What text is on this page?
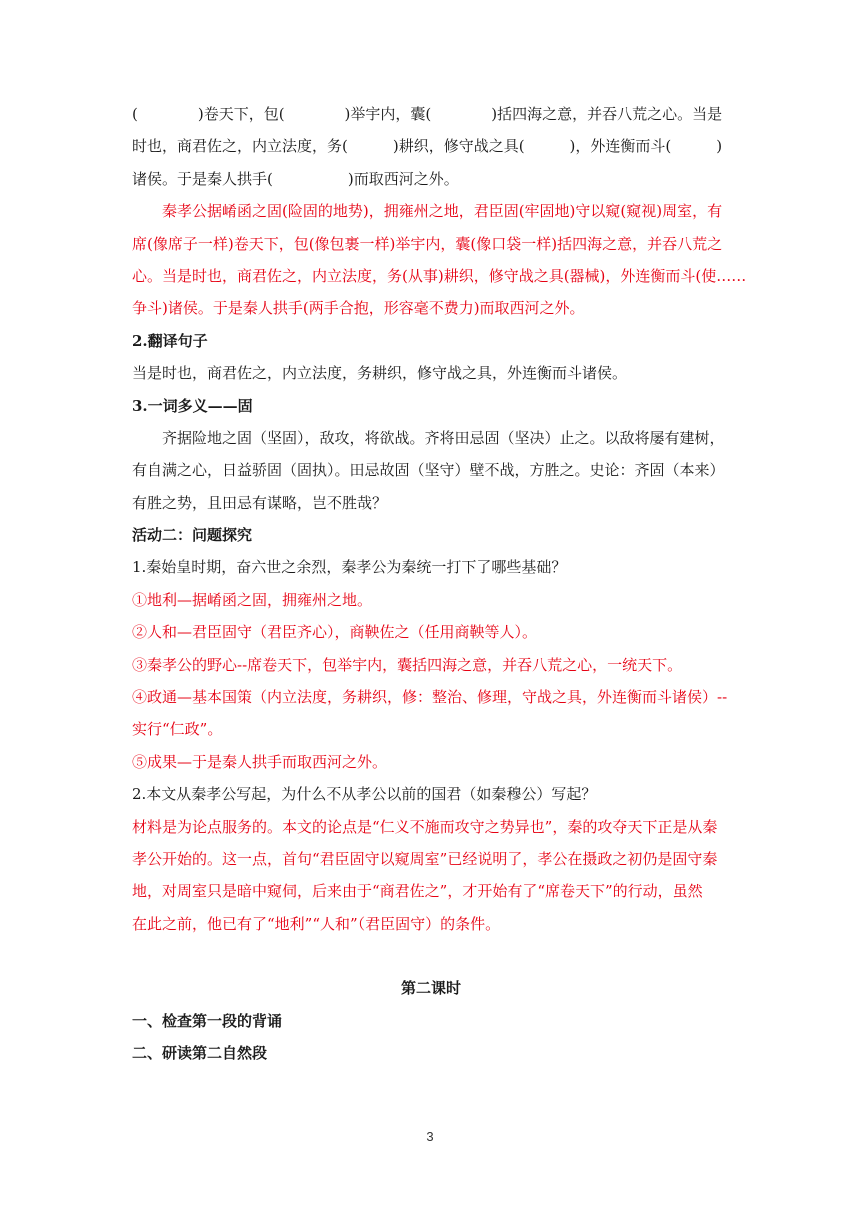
(　　　　)卷天下，包(　　　　)举宇内，囊(　　　　)括四海之意，并吞八荒之心。当是
时也，商君佐之，内立法度，务(　　　)耕织，修守战之具(　　　)，外连衡而斗(　　　)
诸侯。于是秦人拱手(　　　　　)而取西河之外。
秦孝公据崤函之固(险固的地势)，拥雍州之地，君臣固(牢固地)守以窥(窥视)周室，有
席(像席子一样)卷天下，包(像包裹一样)举宇内，囊(像口袋一样)括四海之意，并吞八荒之
心。当是时也，商君佐之，内立法度，务(从事)耕织，修守战之具(器械)，外连衡而斗(使……
争斗)诸侯。于是秦人拱手(两手合抱，形容毫不费力)而取西河之外。
2.翻译句子
当是时也，商君佐之，内立法度，务耕织，修守战之具，外连衡而斗诸侯。
3.一词多义——固
齐据险地之固（坚固），敌攻，将欲战。齐将田忌固（坚决）止之。以敌将屡有建树，
有自满之心，日益骄固（固执）。田忌故固（坚守）壁不战，方胜之。史论：齐固（本来）
有胜之势，且田忌有谋略，岂不胜哉？
活动二：问题探究
1.秦始皇时期，奋六世之余烈，秦孝公为秦统一打下了哪些基础？
①地利—据崤函之固，拥雍州之地。
②人和—君臣固守（君臣齐心），商鞅佐之（任用商鞅等人）。
③秦孝公的野心--席卷天下，包举宇内，囊括四海之意，并吞八荒之心，一统天下。
④政通—基本国策（内立法度，务耕织，修：整治、修理，守战之具，外连衡而斗诸侯）--
实行“仁政”。
⑤成果—于是秦人拱手而取西河之外。
2.本文从秦孝公写起，为什么不从孝公以前的国君（如秦穆公）写起？
材料是为论点服务的。本文的论点是“仁义不施而攻守之势异也”，秦的攻夺天下正是从秦
孝公开始的。这一点，首句“君臣固守以窥周室”已经说明了，孝公在摄政之初仍是固守秦
地，对周室只是暗中窥伺，后来由于“商君佐之”，才开始有了“席卷天下”的行动，虽然
在此之前，他已有了“地利”“人和”（君臣固守）的条件。
第二课时
一、检查第一段的背诵
二、研读第二自然段
3
